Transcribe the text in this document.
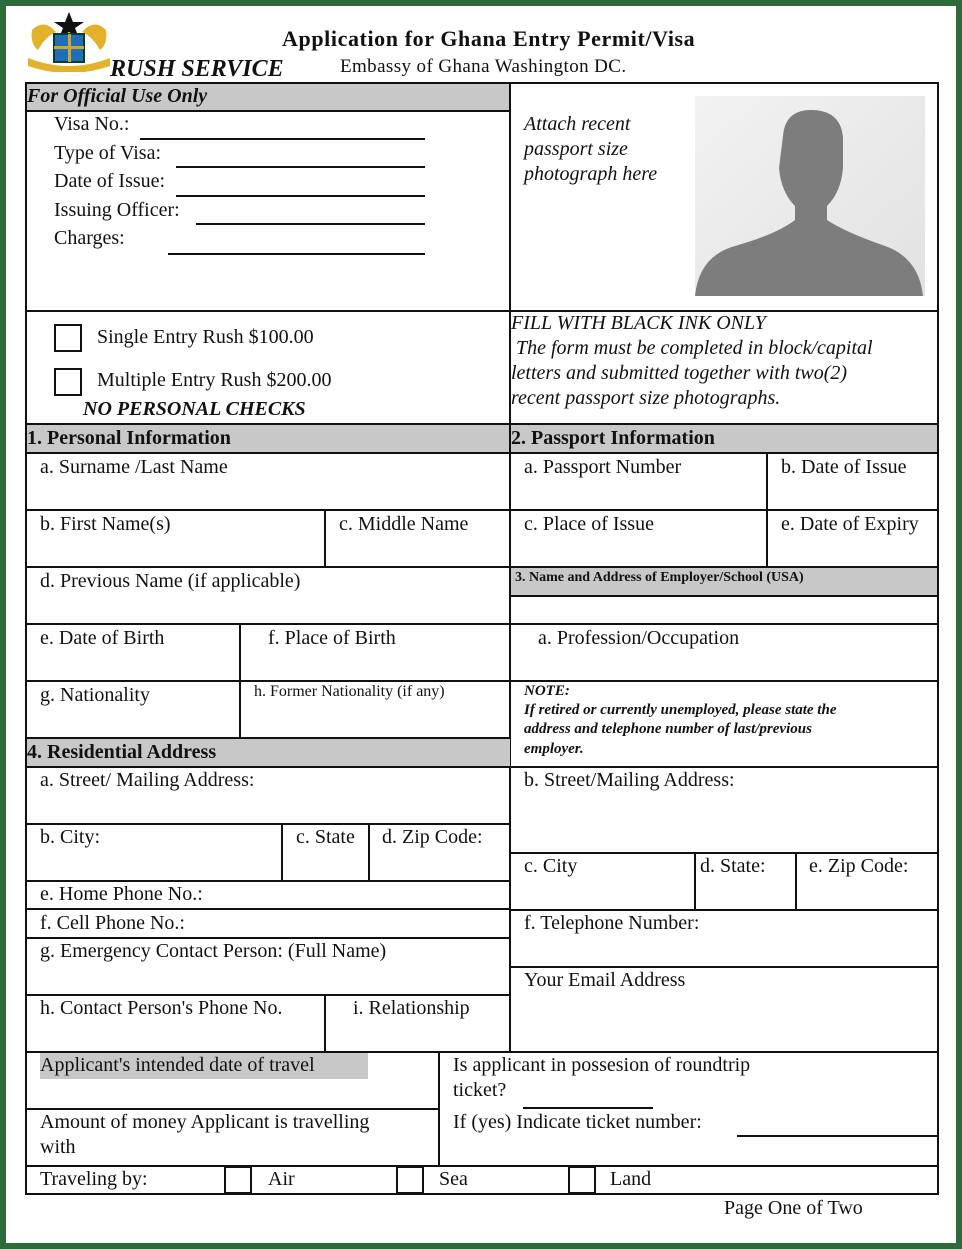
Application for Ghana Entry Permit/Visa
RUSH SERVICE	Embassy of Ghana Washington DC.
For Official Use Only
Visa No.:
Type of Visa:
Date of Issue:
Issuing Officer:
Charges:
Attach recent
passport size
photograph here
Single Entry Rush $100.00
Multiple Entry Rush $200.00
NO PERSONAL CHECKS
FILL WITH BLACK INK ONLY
The form must be completed in block/capital
letters and submitted together with two(2)
recent passport size photographs.
1. Personal Information	2. Passport Information
a. Surname /Last Name
b. First Name(s)	c. Middle Name
d. Previous Name (if applicable)
e. Date of Birth	f. Place of Birth
g. Nationality	h. Former Nationality (if any)
4. Residential Address
a. Street/ Mailing Address:
b. City:	c. State d. Zip Code:
e. Home Phone No.:
f. Cell Phone No.:
g. Emergency Contact Person: (Full Name)
h. Contact Person's Phone No.	i. Relationship
a. Passport Number	b. Date of Issue
c. Place of Issue	e. Date of Expiry
3. Name and Address of Employer/School (USA)
a. Profession/Occupation
NOTE:
If retired or currently unemployed, please state the
address and telephone number of last/previous
employer.
b. Street/Mailing Address:
c. City	d. State: e. Zip Code:
f. Telephone Number:
Your Email Address
Applicant's intended date of travel	Is applicant in possesion of roundtrip
ticket?
If (yes) Indicate ticket number:
Amount of money Applicant is travelling
with
Traveling by:	Air	Sea	Land
Page One of Two
